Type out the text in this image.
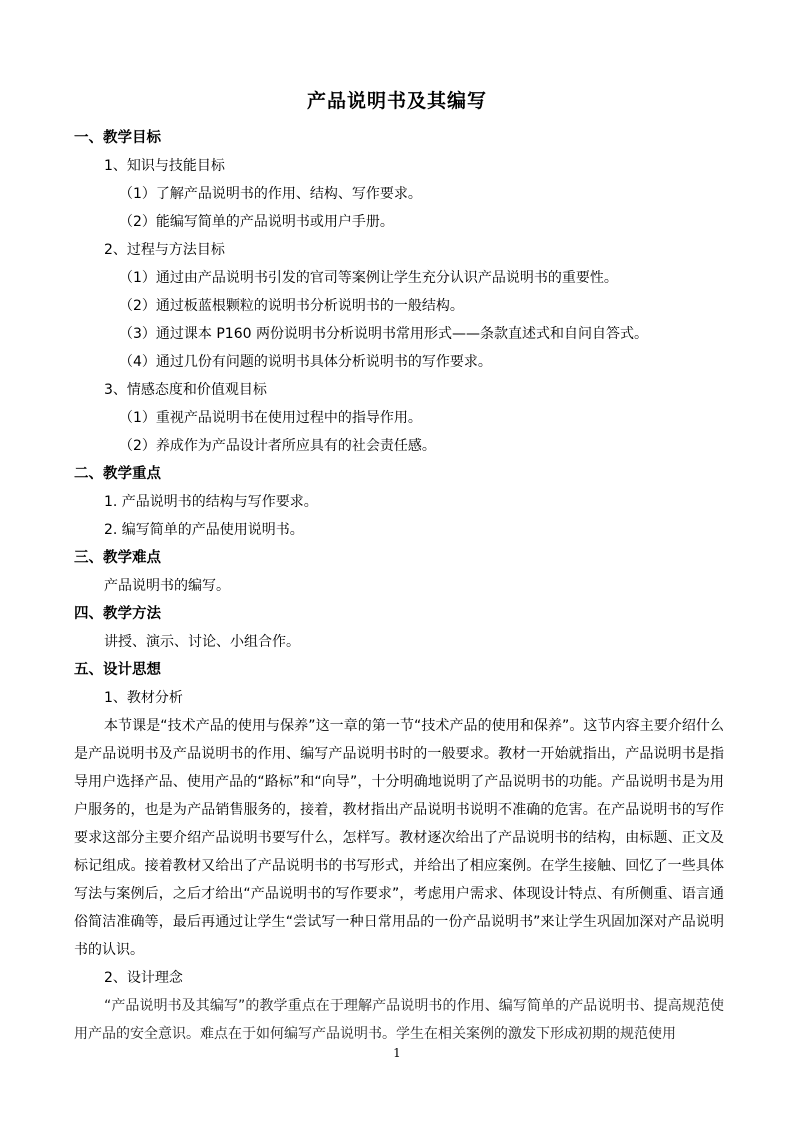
产品说明书及其编写
一、教学目标
1、知识与技能目标
（1）了解产品说明书的作用、结构、写作要求。
（2）能编写简单的产品说明书或用户手册。
2、过程与方法目标
（1）通过由产品说明书引发的官司等案例让学生充分认识产品说明书的重要性。
（2）通过板蓝根颗粒的说明书分析说明书的一般结构。
（3）通过课本 P160 两份说明书分析说明书常用形式——条款直述式和自问自答式。
（4）通过几份有问题的说明书具体分析说明书的写作要求。
3、情感态度和价值观目标
（1）重视产品说明书在使用过程中的指导作用。
（2）养成作为产品设计者所应具有的社会责任感。
二、教学重点
1. 产品说明书的结构与写作要求。
2. 编写简单的产品使用说明书。
三、教学难点
产品说明书的编写。
四、教学方法
讲授、演示、讨论、小组合作。
五、设计思想
1、教材分析

本节课是“技术产品的使用与保养”这一章的第一节“技术产品的使用和保养”。这节内容主要介绍什么是产品说明书及产品说明书的作用、编写产品说明书时的一般要求。教材一开始就指出，产品说明书是指导用户选择产品、使用产品的“路标”和“向导”，十分明确地说明了产品说明书的功能。产品说明书是为用户服务的，也是为产品销售服务的，接着，教材指出产品说明书说明不准确的危害。在产品说明书的写作要求这部分主要介绍产品说明书要写什么，怎样写。教材逐次给出了产品说明书的结构，由标题、正文及标记组成。接着教材又给出了产品说明书的书写形式，并给出了相应案例。在学生接触、回忆了一些具体写法与案例后，之后才给出“产品说明书的写作要求”，考虑用户需求、体现设计特点、有所侧重、语言通俗简洁准确等，最后再通过让学生“尝试写一种日常用品的一份产品说明书”来让学生巩固加深对产品说明书的认识。

2、设计理念

“产品说明书及其编写”的教学重点在于理解产品说明书的作用、编写简单的产品说明书、提高规范使用产品的安全意识。难点在于如何编写产品说明书。学生在相关案例的激发下形成初期的规范使用

1
